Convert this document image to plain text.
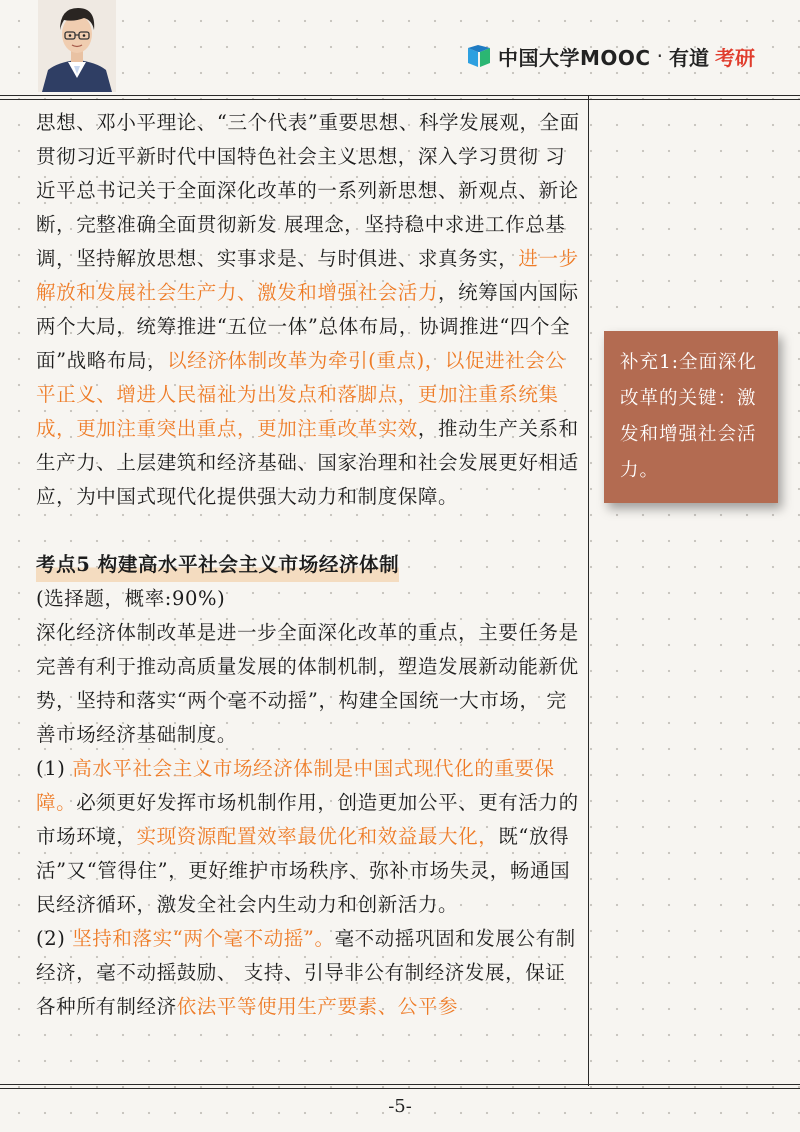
中国大学MOOC · 有道 考研

思想、邓小平理论、“三个代表”重要思想、科学发展观，全面贯彻习近平新时代中国特色社会主义思想，深入学习贯彻 习近平总书记关于全面深化改革的一系列新思想、新观点、新论断，完整准确全面贯彻新发 展理念，坚持稳中求进工作总基调，坚持解放思想、实事求是、与时俱进、求真务实，进一步解放和发展社会生产力、激发和增强社会活力，统筹国内国际两个大局，统筹推进“五位一体”总体布局，协调推进“四个全面”战略布局，以经济体制改革为牵引(重点)，以促进社会公平正义、增进人民福祉为出发点和落脚点，更加注重系统集成，更加注重突出重点，更加注重改革实效，推动生产关系和生产力、上层建筑和经济基础、国家治理和社会发展更好相适应，为中国式现代化提供强大动力和制度保障。

考点5 构建高水平社会主义市场经济体制

(选择题，概率:90%)

深化经济体制改革是进一步全面深化改革的重点，主要任务是完善有利于推动高质量发展的体制机制，塑造发展新动能新优势，坚持和落实“两个毫不动摇”，构建全国统一大市场， 完善市场经济基础制度。

(1) 高水平社会主义市场经济体制是中国式现代化的重要保障。必须更好发挥市场机制作用，创造更加公平、更有活力的市场环境，实现资源配置效率最优化和效益最大化，既“放得活”又“管得住”，更好维护市场秩序、弥补市场失灵，畅通国民经济循环，激发全社会内生动力和创新活力。

(2) 坚持和落实“两个毫不动摇”。毫不动摇巩固和发展公有制经济，毫不动摇鼓励、 支持、引导非公有制经济发展，保证各种所有制经济依法平等使用生产要素、公平参

补充1:全面深化改革的关键：激发和增强社会活力。
-5-
